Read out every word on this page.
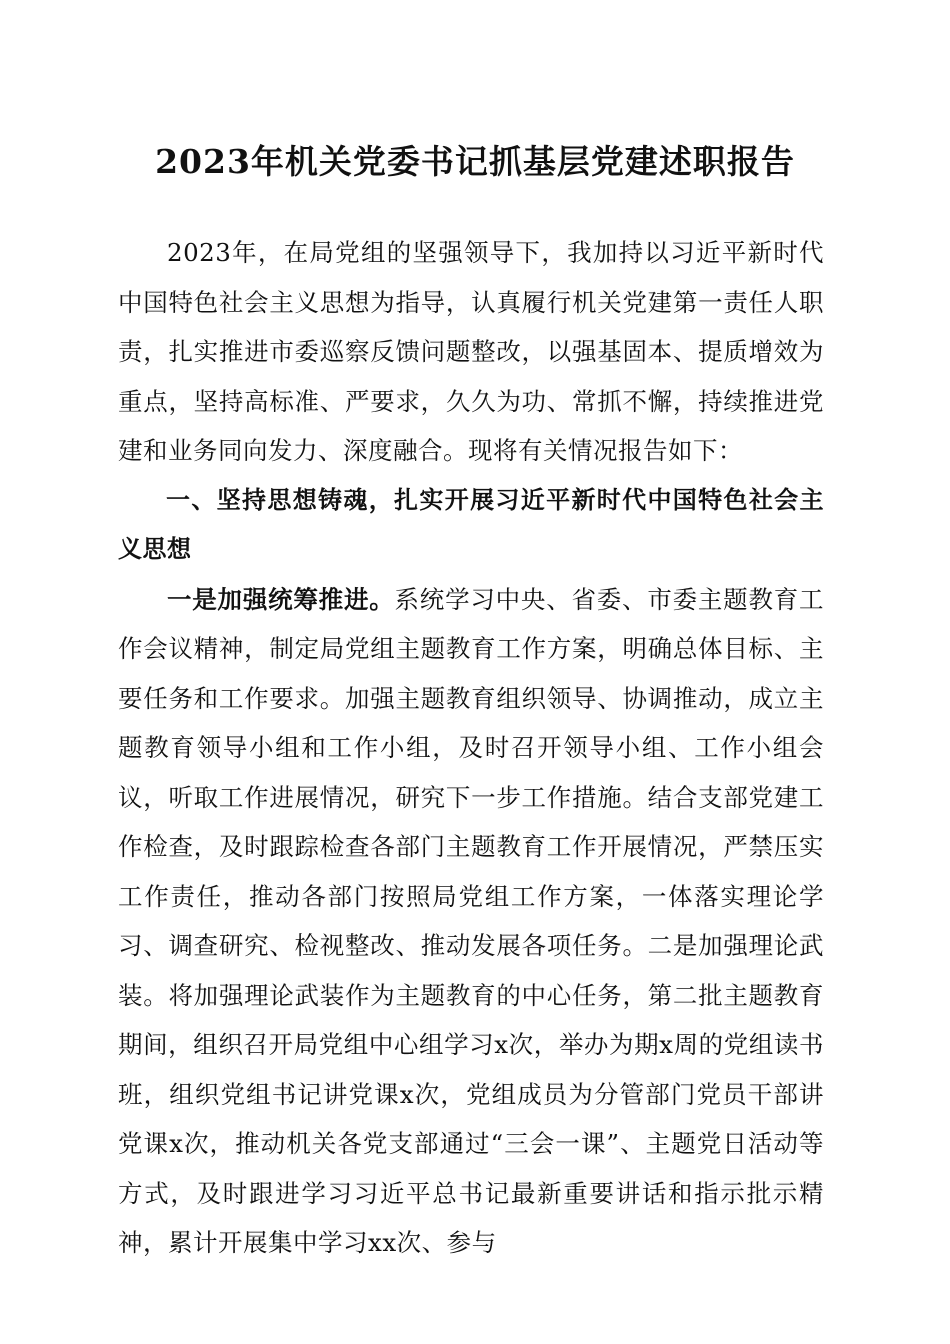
2023年机关党委书记抓基层党建述职报告

2023年，在局党组的坚强领导下，我加持以习近平新时代中国特色社会主义思想为指导，认真履行机关党建第一责任人职责，扎实推进市委巡察反馈问题整改，以强基固本、提质增效为重点，坚持高标准、严要求，久久为功、常抓不懈，持续推进党建和业务同向发力、深度融合。现将有关情况报告如下：

一、坚持思想铸魂，扎实开展习近平新时代中国特色社会主义思想

一是加强统筹推进。系统学习中央、省委、市委主题教育工作会议精神，制定局党组主题教育工作方案，明确总体目标、主要任务和工作要求。加强主题教育组织领导、协调推动，成立主题教育领导小组和工作小组，及时召开领导小组、工作小组会议，听取工作进展情况，研究下一步工作措施。结合支部党建工作检查，及时跟踪检查各部门主题教育工作开展情况，严禁压实工作责任，推动各部门按照局党组工作方案，一体落实理论学习、调查研究、检视整改、推动发展各项任务。二是加强理论武装。将加强理论武装作为主题教育的中心任务，第二批主题教育期间，组织召开局党组中心组学习x次，举办为期x周的党组读书班，组织党组书记讲党课x次，党组成员为分管部门党员干部讲党课x次，推动机关各党支部通过“三会一课”、主题党日活动等方式，及时跟进学习习近平总书记最新重要讲话和指示批示精神，累计开展集中学习xx次、参与
